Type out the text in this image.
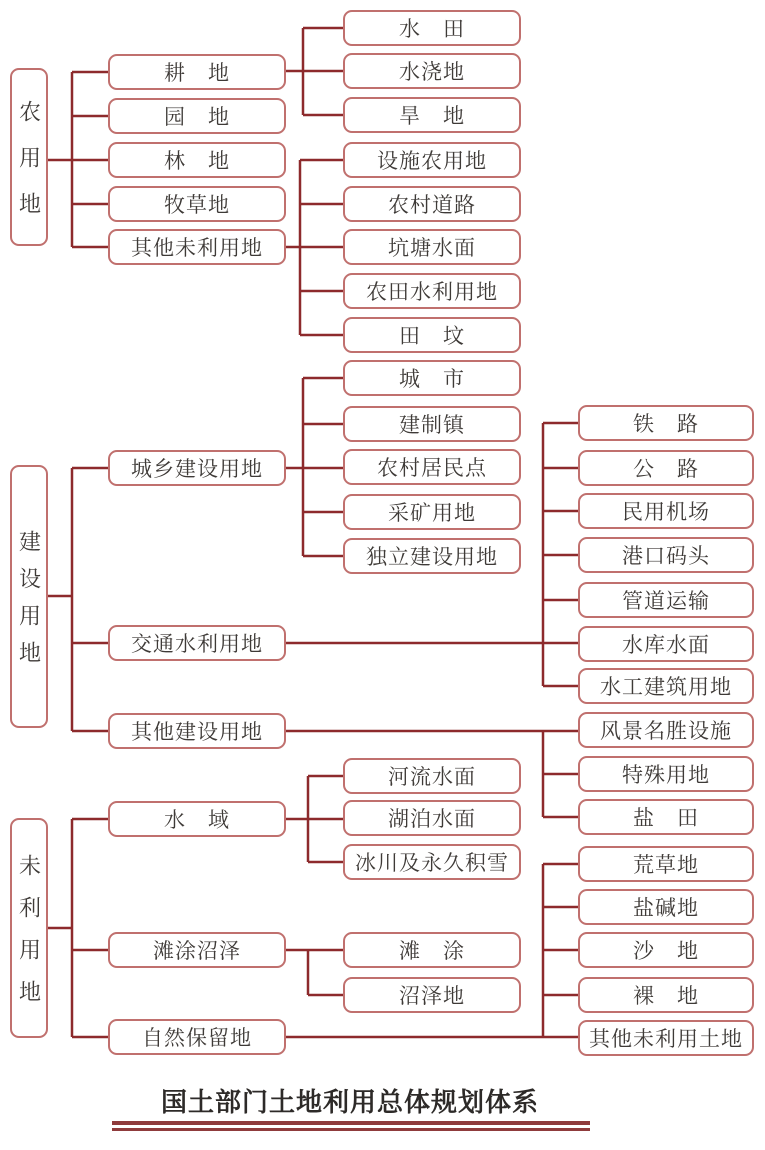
农用地
建设用地
未利用地
耕　地
园　地
林　地
牧草地
其他未利用地
水　田
水浇地
旱　地
设施农用地
农村道路
坑塘水面
农田水利用地
田　坟
城乡建设用地
交通水利用地
其他建设用地
城　市
建制镇
农村居民点
采矿用地
独立建设用地
铁　路
公　路
民用机场
港口码头
管道运输
水库水面
水工建筑用地
风景名胜设施
特殊用地
盐　田
水　域
滩涂沼泽
自然保留地
河流水面
湖泊水面
冰川及永久积雪
滩　涂
沼泽地
荒草地
盐碱地
沙　地
裸　地
其他未利用土地
国土部门土地利用总体规划体系
